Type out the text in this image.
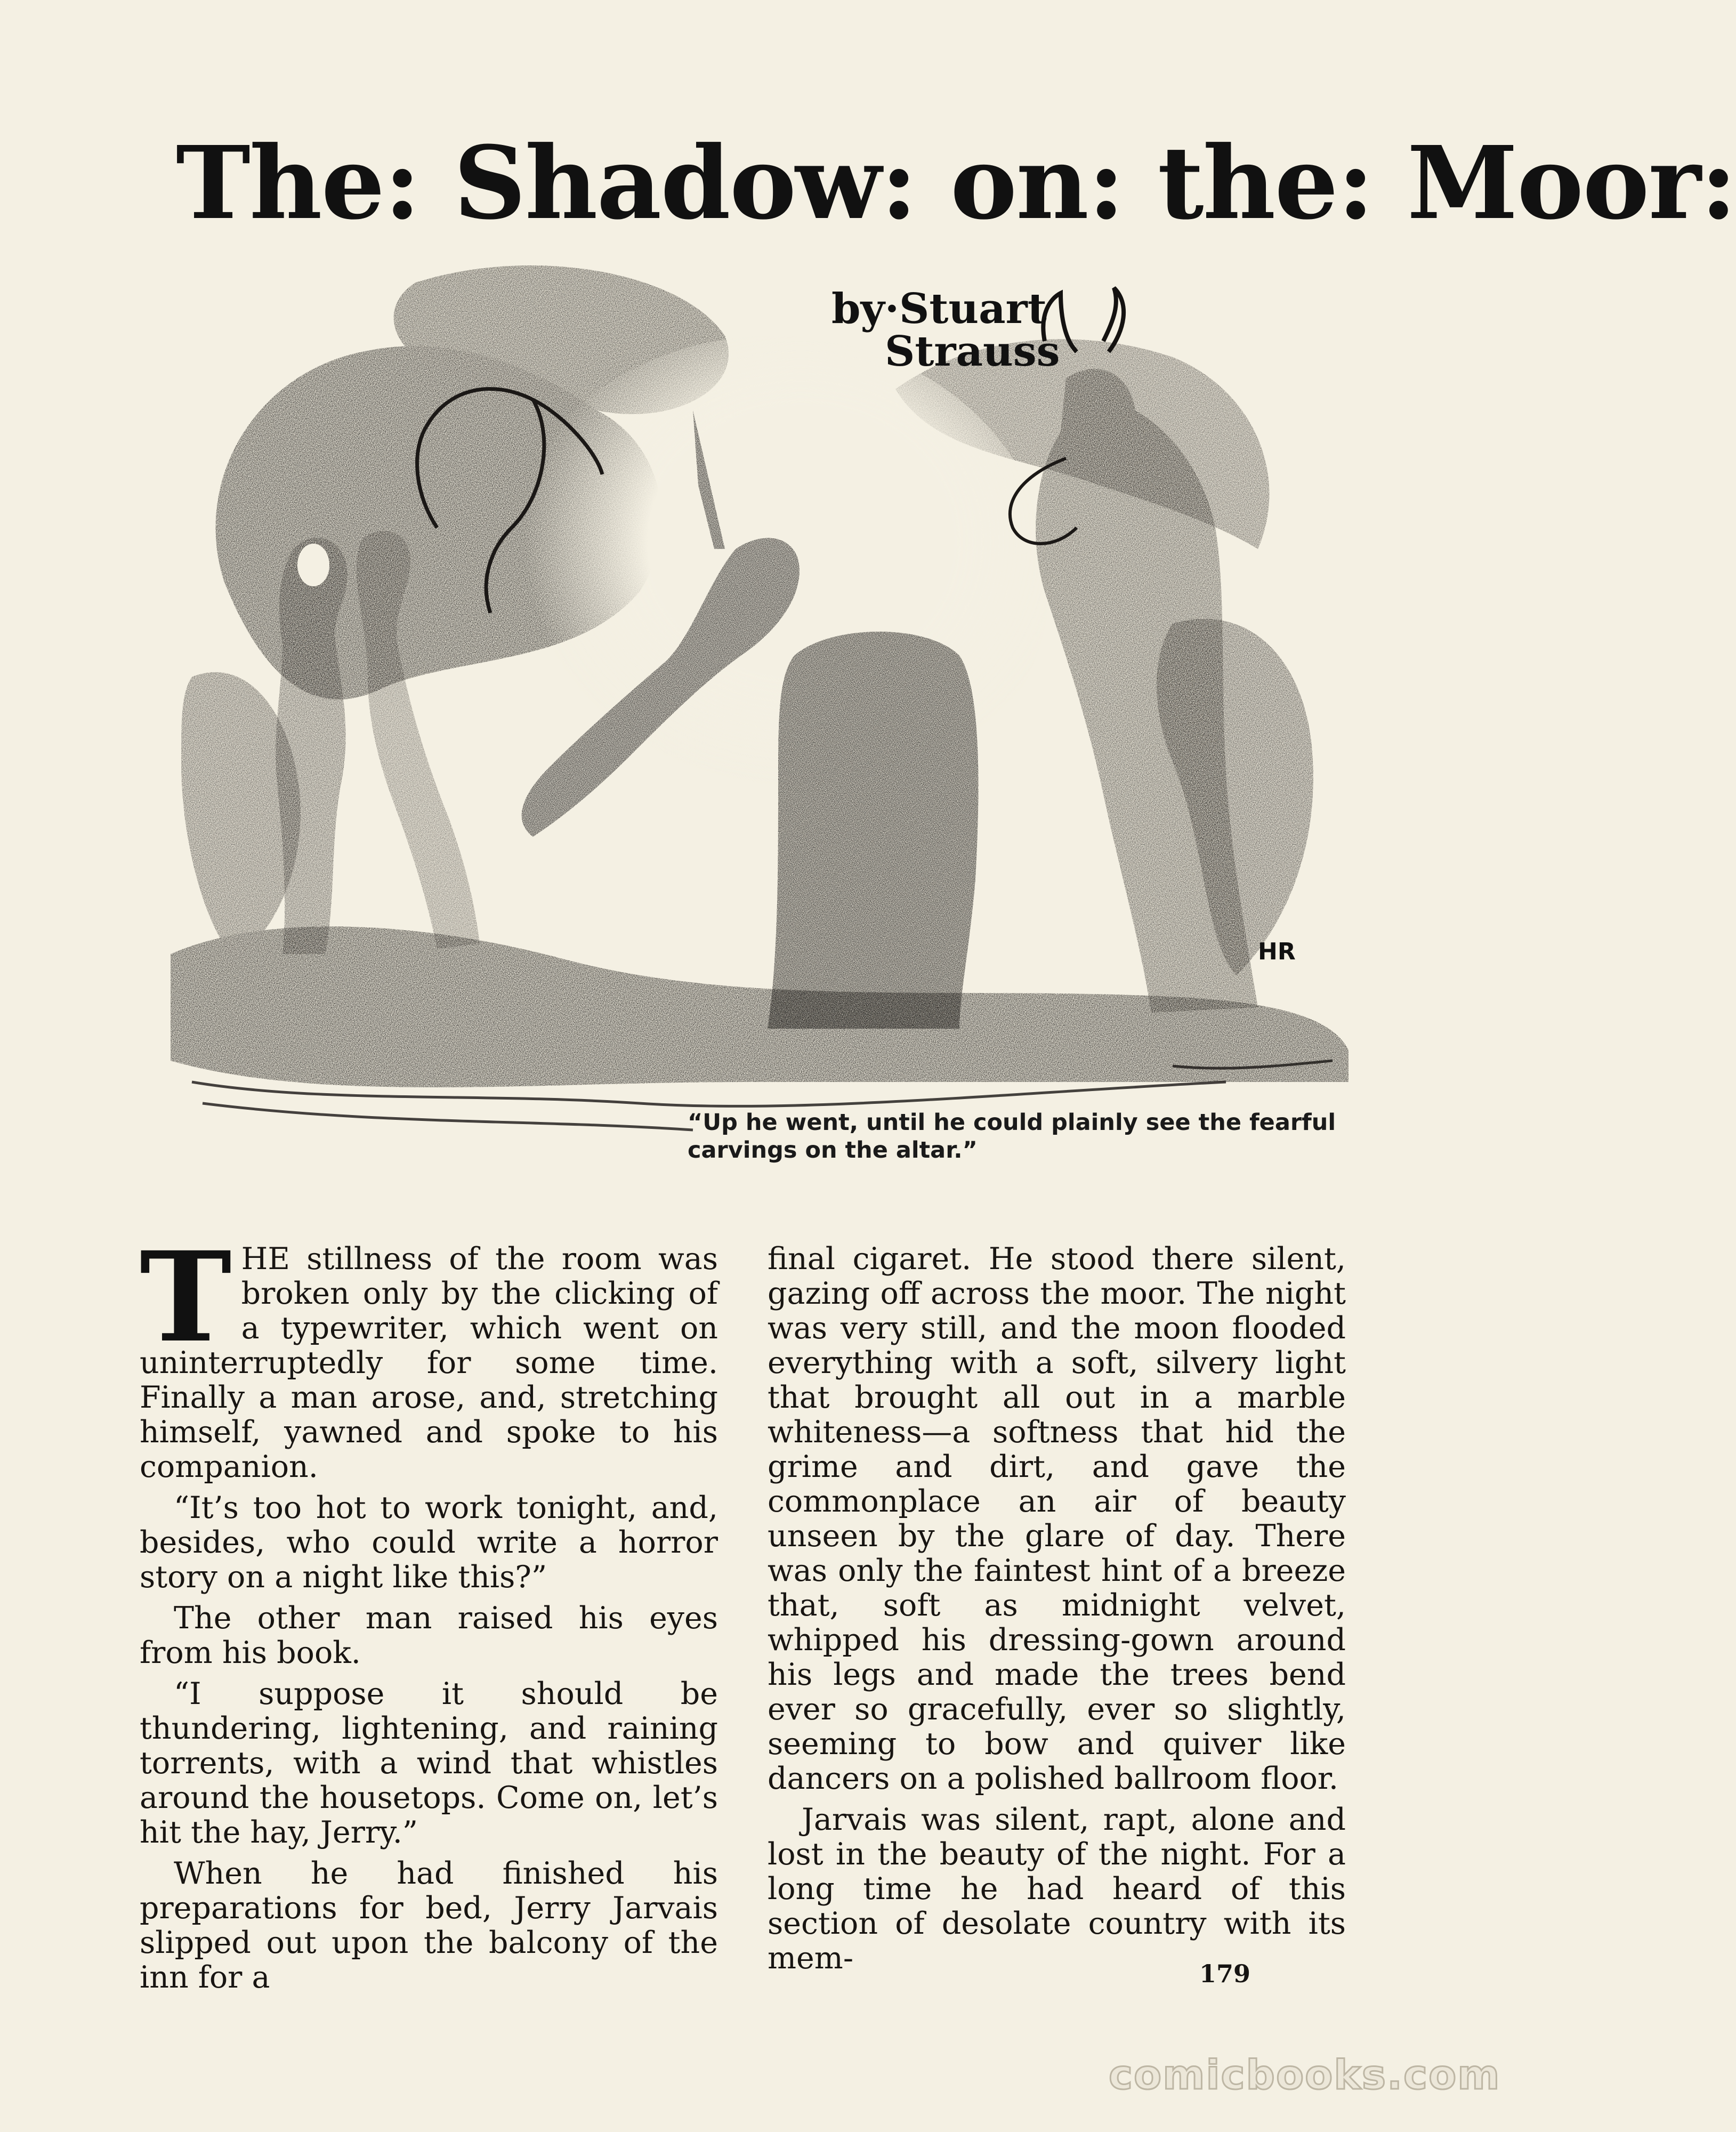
The: Shadow: on: the: Moor:
HR
by·Stuart
Strauss
“Up he went, until he could plainly see the fearful carvings on the altar.”

THE stillness of the room was broken only by the clicking of a typewriter, which went on uninterruptedly for some time. Finally a man arose, and, stretching himself, yawned and spoke to his companion.

“It’s too hot to work tonight, and, besides, who could write a horror story on a night like this?”

The other man raised his eyes from his book.

“I suppose it should be thundering, lightening, and raining torrents, with a wind that whistles around the housetops. Come on, let’s hit the hay, Jerry.”

When he had finished his preparations for bed, Jerry Jarvais slipped out upon the balcony of the inn for a

final cigaret. He stood there silent, gazing off across the moor. The night was very still, and the moon flooded everything with a soft, silvery light that brought all out in a marble whiteness—a softness that hid the grime and dirt, and gave the commonplace an air of beauty unseen by the glare of day. There was only the faintest hint of a breeze that, soft as midnight velvet, whipped his dressing-gown around his legs and made the trees bend ever so gracefully, ever so slightly, seeming to bow and quiver like dancers on a polished ballroom floor.

Jarvais was silent, rapt, alone and lost in the beauty of the night. For a long time he had heard of this section of desolate country with its mem-	179
comicbooks.com
